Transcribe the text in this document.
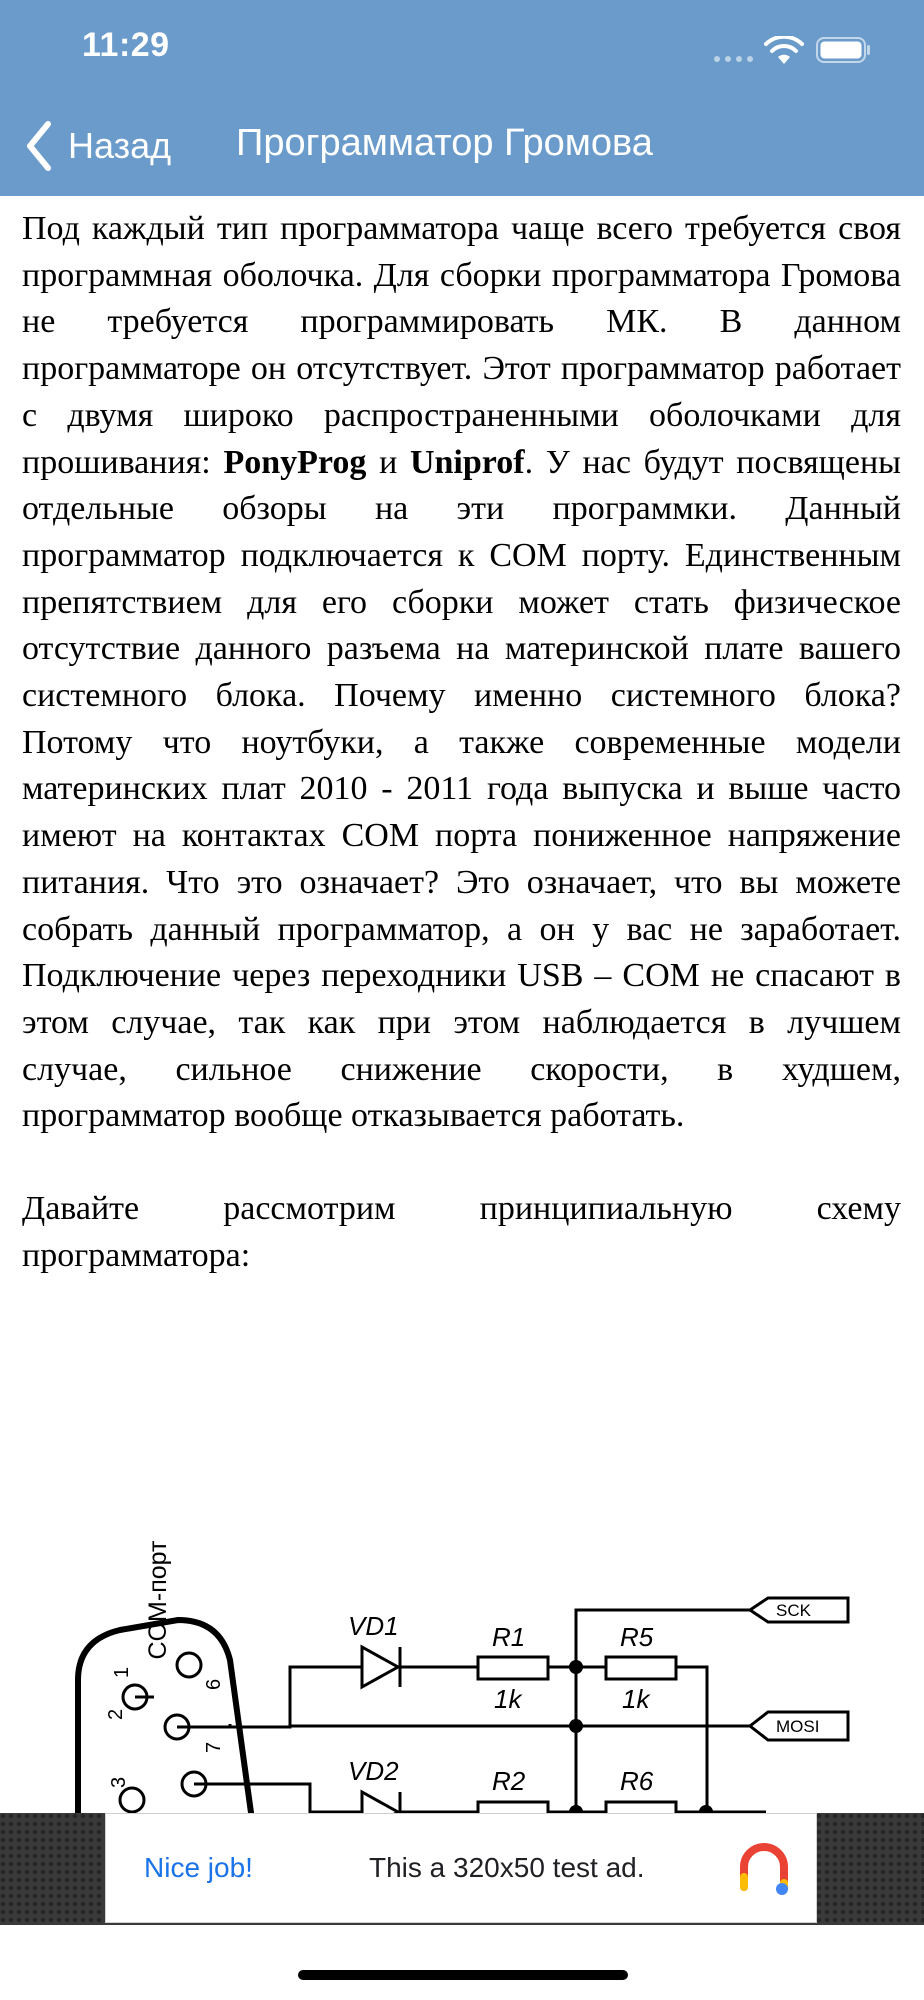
11:29
Назад Программатор Громова

Под каждый тип программатора чаще всего требуется своя программная оболочка. Для сборки программатора Громова не требуется программировать МК. В данном программаторе он отсутствует. Этот программатор работает с двумя широко распространенными оболочками для прошивания: PonyProg и Uniprof. У нас будут посвящены отдельные обзоры на эти программки. Данный программатор подключается к COM порту. Единственным препятствием для его сборки может стать физическое отсутствие данного разъема на материнской плате вашего системного блока. Почему именно системного блока? Потому что ноутбуки, а также современные модели материнских плат 2010 - 2011 года выпуска и выше часто имеют на контактах COM порта пониженное напряжение питания. Что это означает? Это означает, что вы можете собрать данный программатор, а он у вас не заработает. Подключение через переходники USB – COM не спасают в этом случае, так как при этом наблюдается в лучшем случае, сильное снижение скорости, в худшем, программатор вообще отказывается работать.

Давайте рассмотрим принципиальную схему программатора:

1
2
6
7
3
COM-порт	VD1
VD2
R1	R5
1k	1k
R2	R6
SCK
MOSI
Nice job!	This a 320x50 test ad.
